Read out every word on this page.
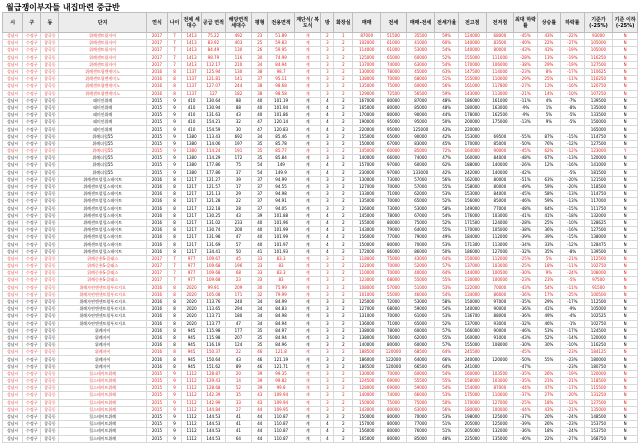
월급쟁이부자들 내집마련 중급반
시	구	동	단지	연식	나이	전체 세대수	공급 면적	해당면적 세대수	평형	전용면적	계단식/ 복도식	방	화장실	매매	전세	매매-전세	전세가율	전고점	전저점	최대 하락률	상승률	하락률	기준가 (-25%)	기준 이하 (-25%)
성남시	수정구	창곡동	위례센트릴자이	2017	7	1413	75.22	492	23	51.89	계	2	1	87000	51500	35500	59%	124000	68000	-45%	43%	-22%	93000	N
성남시	수정구	창곡동	위례센트릴자이	2017	7	1413	83.92	403	25	59.83	계	3	2	102000	61000	41000	60%	140000	83500	-40%	22%	-27%	105000	N
성남시	수정구	창곡동	위례센트릴자이	2017	7	1413	84.49	130	26	59.95	계	3	2	114000	61000	53000	54%	140000	80000	-43%	43%	-19%	105000	N
성남시	수정구	창곡동	위례센트릴자이	2017	7	1413	98.79	116	30	74.99	계	3	2	125000	65000	60000	52%	155000	111000	-28%	13%	-19%	116250	N
성남시	수정구	창곡동	위례센트릴자이	2017	7	1413	112.17	210	34	84.94	계	3	2	137000	74000	63000	54%	170000	106000	-38%	29%	-19%	127500	N
성남시	수정구	창곡동	위례센트릴엔캐미노	2016	8	1137	125.94	130	38	98.7	계	3	2	130000	78000	45000	63%	147500	114000	-23%	8%	-17%	110625	N
성남시	수정구	창곡동	위례센트릴엔캐미노	2016	8	1137	121.81	141	37	95.11	계	3	2	138000	70000	68000	51%	155000	110000	-29%	25%	-11%	116250	N
성남시	수정구	창곡동	위례센트릴엔캐미노	2016	8	1137	127.07	244	38	98.68	계	3	2	135000	75000	60000	56%	161000	117800	-27%	13%	-16%	120750	N
성남시	수정구	창곡동	위례센트릴엔캐미노	2016	8	1137	127	182	38	98.58	계	3	2	129000	72500	56500	59%	143000	113000	-21%	14%	-10%	107250	N
성남시	수정구	창곡동	래미안위례	2015	9	410	130.64	88	40	101.19	계	4	2	167000	80000	87000	48%	186000	161000	-11%	4%	-7%	139500	N
성남시	수정구	창곡동	래미안위례	2015	9	410	130.94	88	40	101.94	계	4	2	165000	80000	85000	48%	180000	163000	-9%	1%	-8%	135000	N
성남시	수정구	창곡동	래미안위례	2015	9	410	131.63	43	40	101.86	계	4	2	170000	80000	90000	44%	178000	162500	-9%	5%	-5%	133500	N
성남시	수정구	창곡동	래미안위례	2015	9	410	154.21	32	47	120.14	계	4	2	190000	95000	95000	50%	200000	175000	-13%	9%	-5%	150000	N
성남시	수정구	창곡동	래미안위례	2015	9	410	154.59	30	47	120.83	계	4	2	220000	95000	125000	43%	220000					165000	N
성남시	수정구	창곡동	위례더힐55	2015	9	1380	113.43	692	34	85.46	계	3	2	155000	65000	90000	42%	153000	69500	-55%	87%	-15%	114750	N
성남시	수정구	창곡동	위례더힐55	2015	9	1380	114.06	197	35	85.78	계	3	2	150000	67000	83000	45%	170000	85000	-50%	76%	-12%	127500	N
성남시	수정구	창곡동	위례더힐55	2015	9	1380	114.24	191	35	85.77	계	3	2	145000	60000	85000	72%	164000	90000	-45%	62%	-12%	123000	Y
성남시	수정구	창곡동	위례더힐55	2015	9	1380	114.29	172	35	85.84	계	3	2	140000	66000	74000	47%	160000	84000	-48%	67%	-13%	120000	N
성남시	수정구	창곡동	위례더힐55	2015	9	1380	177.86	75	54	149	계	4	2	157000	97000	60000	62%	188000	140000	-26%	12%	-16%	141000	N
성남시	수정구	창곡동	위례더힐55	2015	9	1380	177.86	37	54	149.9	계	4	2	230000	97000	133000	42%	242000	140000	-42%		-5%	181500	N
성남시	수정구	창곡동	위례센트럴힐스테이트	2016	8	1217	121.27	39	37	94.99	계	3	2	130000	73000	57000	56%	162000	80000	-51%	63%	-20%	121500	N
성남시	수정구	창곡동	위례센트럴힐스테이트	2016	8	1217	121.57	17	37	94.55	계	3	2	127000	70000	57000	55%	158000	80000	-49%	59%	-20%	118500	N
성남시	수정구	창곡동	위례센트럴힐스테이트	2016	8	1217	121.13	29	37	94.98	계	3	2	133000	71000	62000	53%	153000	84000	-45%	58%	-13%	114750	N
성남시	수정구	창곡동	위례센트럴힐스테이트	2016	8	1217	121.28	22	37	94.91	계	3	2	135000	70000	65000	52%	156000	85000	-46%	59%	-13%	117000	N
성남시	수정구	창곡동	위례센트럴힐스테이트	2016	8	1217	122.18	28	37	94.05	계	3	2	126000	73000	53000	58%	149000	77000	-48%	64%	-15%	111750	N
성남시	수정구	창곡동	위례센트럴힐스테이트	2016	8	1217	130.25	43	39	101.88	계	4	2	145000	78000	67000	54%	176000	103000	-41%	41%	-18%	132000	N
성남시	수정구	창곡동	위례센트럴힐스테이트	2016	8	1217	131.02	233	40	101.96	계	4	2	155000	80000	75000	52%	171500	124000	-28%	25%	-10%	128625	N
성남시	수정구	창곡동	위례센트럴힐스테이트	2016	8	1217	130.74	200	40	101.99	계	4	2	143000	79000	64000	55%	170000	105000	-38%	36%	-16%	127500	N
성남시	수정구	창곡동	위례센트럴힐스테이트	2016	8	1217	131.98	47	40	101.99	계	4	2	156000	77000	79000	49%	184000	112000	-39%	39%	-15%	138000	N
성남시	수정구	창곡동	위례센트럴힐스테이트	2016	8	1217	131.69	57	40	101.97	계	4	2	150000	80000	70000	53%	171300	113000	-34%	33%	-12%	128475	N
성남시	수정구	창곡동	위례센트럴힐스테이트	2016	8	1217	134.41	50	41	101.93	계	4	2	172000	86000	86000	50%	186000	127000	-32%	35%	-8%	139500	N
성남시	수정구	창곡동	위례중흥S-클래스	2017	7	977	109.67	45	33	83.3	계	3	2	118000	75000	43000	64%	150000	112000	-25%	5%	-21%	112500	N
성남시	수정구	창곡동	위례중흥S-클래스	2017	7	977	109.68	196	33	83	계	3	2	122000	70000	52000	57%	137000	103000	-25%	18%	-11%	102750	N
성남시	수정구	창곡동	위례중흥S-클래스	2017	7	977	109.68	68	33	83.3	계	3	2	110000	70000	40000	64%	144000	100500	-30%	9%	-24%	108000	N
성남시	수정구	창곡동	위례중흥S-클래스	2017	7	977	109.68	23	33	83	계	3	2	123000	68000	55000	55%	130000	100000	-23%	23%	-5%	97500	N
성남시	수정구	창곡동	위례자연앤센트럴푸르지오	2016	8	2020	99.91	209	30	75.99	계	3	2	108000	57000	51000	53%	122000	70000	-43%	54%	-11%	91500	N
성남시	수정구	창곡동	위례자연앤센트럴푸르지오	2016	8	2020	105.08	171	32	79.99	계	3	2	101000	55000	46000	54%	134000	86000	-36%	17%	-25%	100500	N
성남시	수정구	창곡동	위례자연앤센트럴푸르지오	2016	8	2020	113.76	240	34	84.99	계	3	2	125000	72000	53000	58%	150000	97000	-35%	29%	-17%	112500	N
성남시	수정구	창곡동	위례자연앤센트럴푸르지오	2016	8	2020	113.65	294	34	84.83	계	3	2	127000	68000	59000	54%	140000	90000	-36%	41%	-9%	105000	N
성남시	수정구	창곡동	위례자연앤센트럴푸르지오	2016	8	2020	113.71	180	34	84.98	계	3	2	131000	70000	61000	53%	136700	88000	-36%	49%	-4%	102525	N
성남시	수정구	창곡동	위례자연앤센트럴푸르지오	2016	8	2020	113.77	47	34	84.94	계	3	2	136000	71000	65000	52%	137000	93000	-32%	46%	-1%	102750	N
성남시	수정구	창곡동	위례자이	2016	8	945	115.98	177	35	84.97	계	3	2	138000	78000	60000	57%	166000	90000	-46%	53%	-17%	124500	N
성남시	수정구	창곡동	위례자이	2016	8	945	115.98	207	35	84.94	계	3	2	138000	76000	62000	55%	160000	91000	-43%	52%	-14%	120000	N
성남시	수정구	창곡동	위례자이	2016	8	945	116.19	124	35	84.96	계	3	2	140000	80000	60000	57%	155000	108000	-30%	30%	-10%	116250	N
성남시	수정구	창곡동	위례자이	2016	8	945	150.37	22	46	121.8	계	3	2	188500	120000	68500	64%	245500		-45%		-23%	184125	N
성남시	수정구	창곡동	위례자이	2016	8	945	150.64	43	46	121.19	계	3	2	186000	122000	64000	66%	240000	120000	-50%	55%	-23%	180000	N
성남시	수정구	창곡동	위례자이	2016	8	945	151.62	89	46	121.71	계	3	2	186500	120000	66500	64%	241000		-47%		-23%	180750	N
성남시	수정구	창곡동	힐스테이트위례	2015	9	1112	128.87	20	39	99.35	계	3	2	130000	70000	60000	54%	160000	103500	-35%	26%	-19%	120000	N
성남시	수정구	창곡동	힐스테이트위례	2015	9	1112	129.43	14	39	99.82	계	3	2	124500	69000	55500	55%	158000	103000	-35%	21%	-21%	118500	N
성남시	수정구	창곡동	힐스테이트위례	2015	9	1112	128.68	52	39	99.8	계	3	2	128000	69000	59000	54%	154000	87000	-44%	47%	-17%	115500	N
성남시	수정구	창곡동	힐스테이트위례	2015	9	1112	142.39	35	43	109.94	계	3	2	140000	74000	66000	53%	175000	110000	-37%	27%	-20%	131250	N
성남시	수정구	창곡동	힐스테이트위례	2015	9	1112	142.99	33	43	109.94	계	3	2	150000	75000	75000	50%	170000	127000	-25%	18%	-12%	127500	N
성남시	수정구	창곡동	힐스테이트위례	2015	9	1112	144.84	27	44	109.95	계	3	2	143000	80000	63000	56%	180000	100000	-44%	43%	-21%	135000	N
성남시	수정구	창곡동	힐스테이트위례	2015	9	1112	144.53	41	44	110.87	계	3	2	150000	80000	70000	53%	198000	125000	-37%	20%	-24%	148500	N
성남시	수정구	창곡동	힐스테이트위례	2015	9	1112	144.53	41	44	110.87	계	4	2	157000	80000	77000	51%	205000	125000	-39%	26%	-23%	153750	N
성남시	수정구	창곡동	힐스테이트위례	2015	9	1112	144.53	41	44	110.87	계	4	2	156000	80000	76000	51%	205000	132000	-36%	18%	-24%	153750	N
성남시	수정구	창곡동	힐스테이트위례	2015	9	1112	144.53	64	44	110.87	계	4	2	165000	80000	85000	48%	225000	135000	-40%	22%	-27%	168750	N
